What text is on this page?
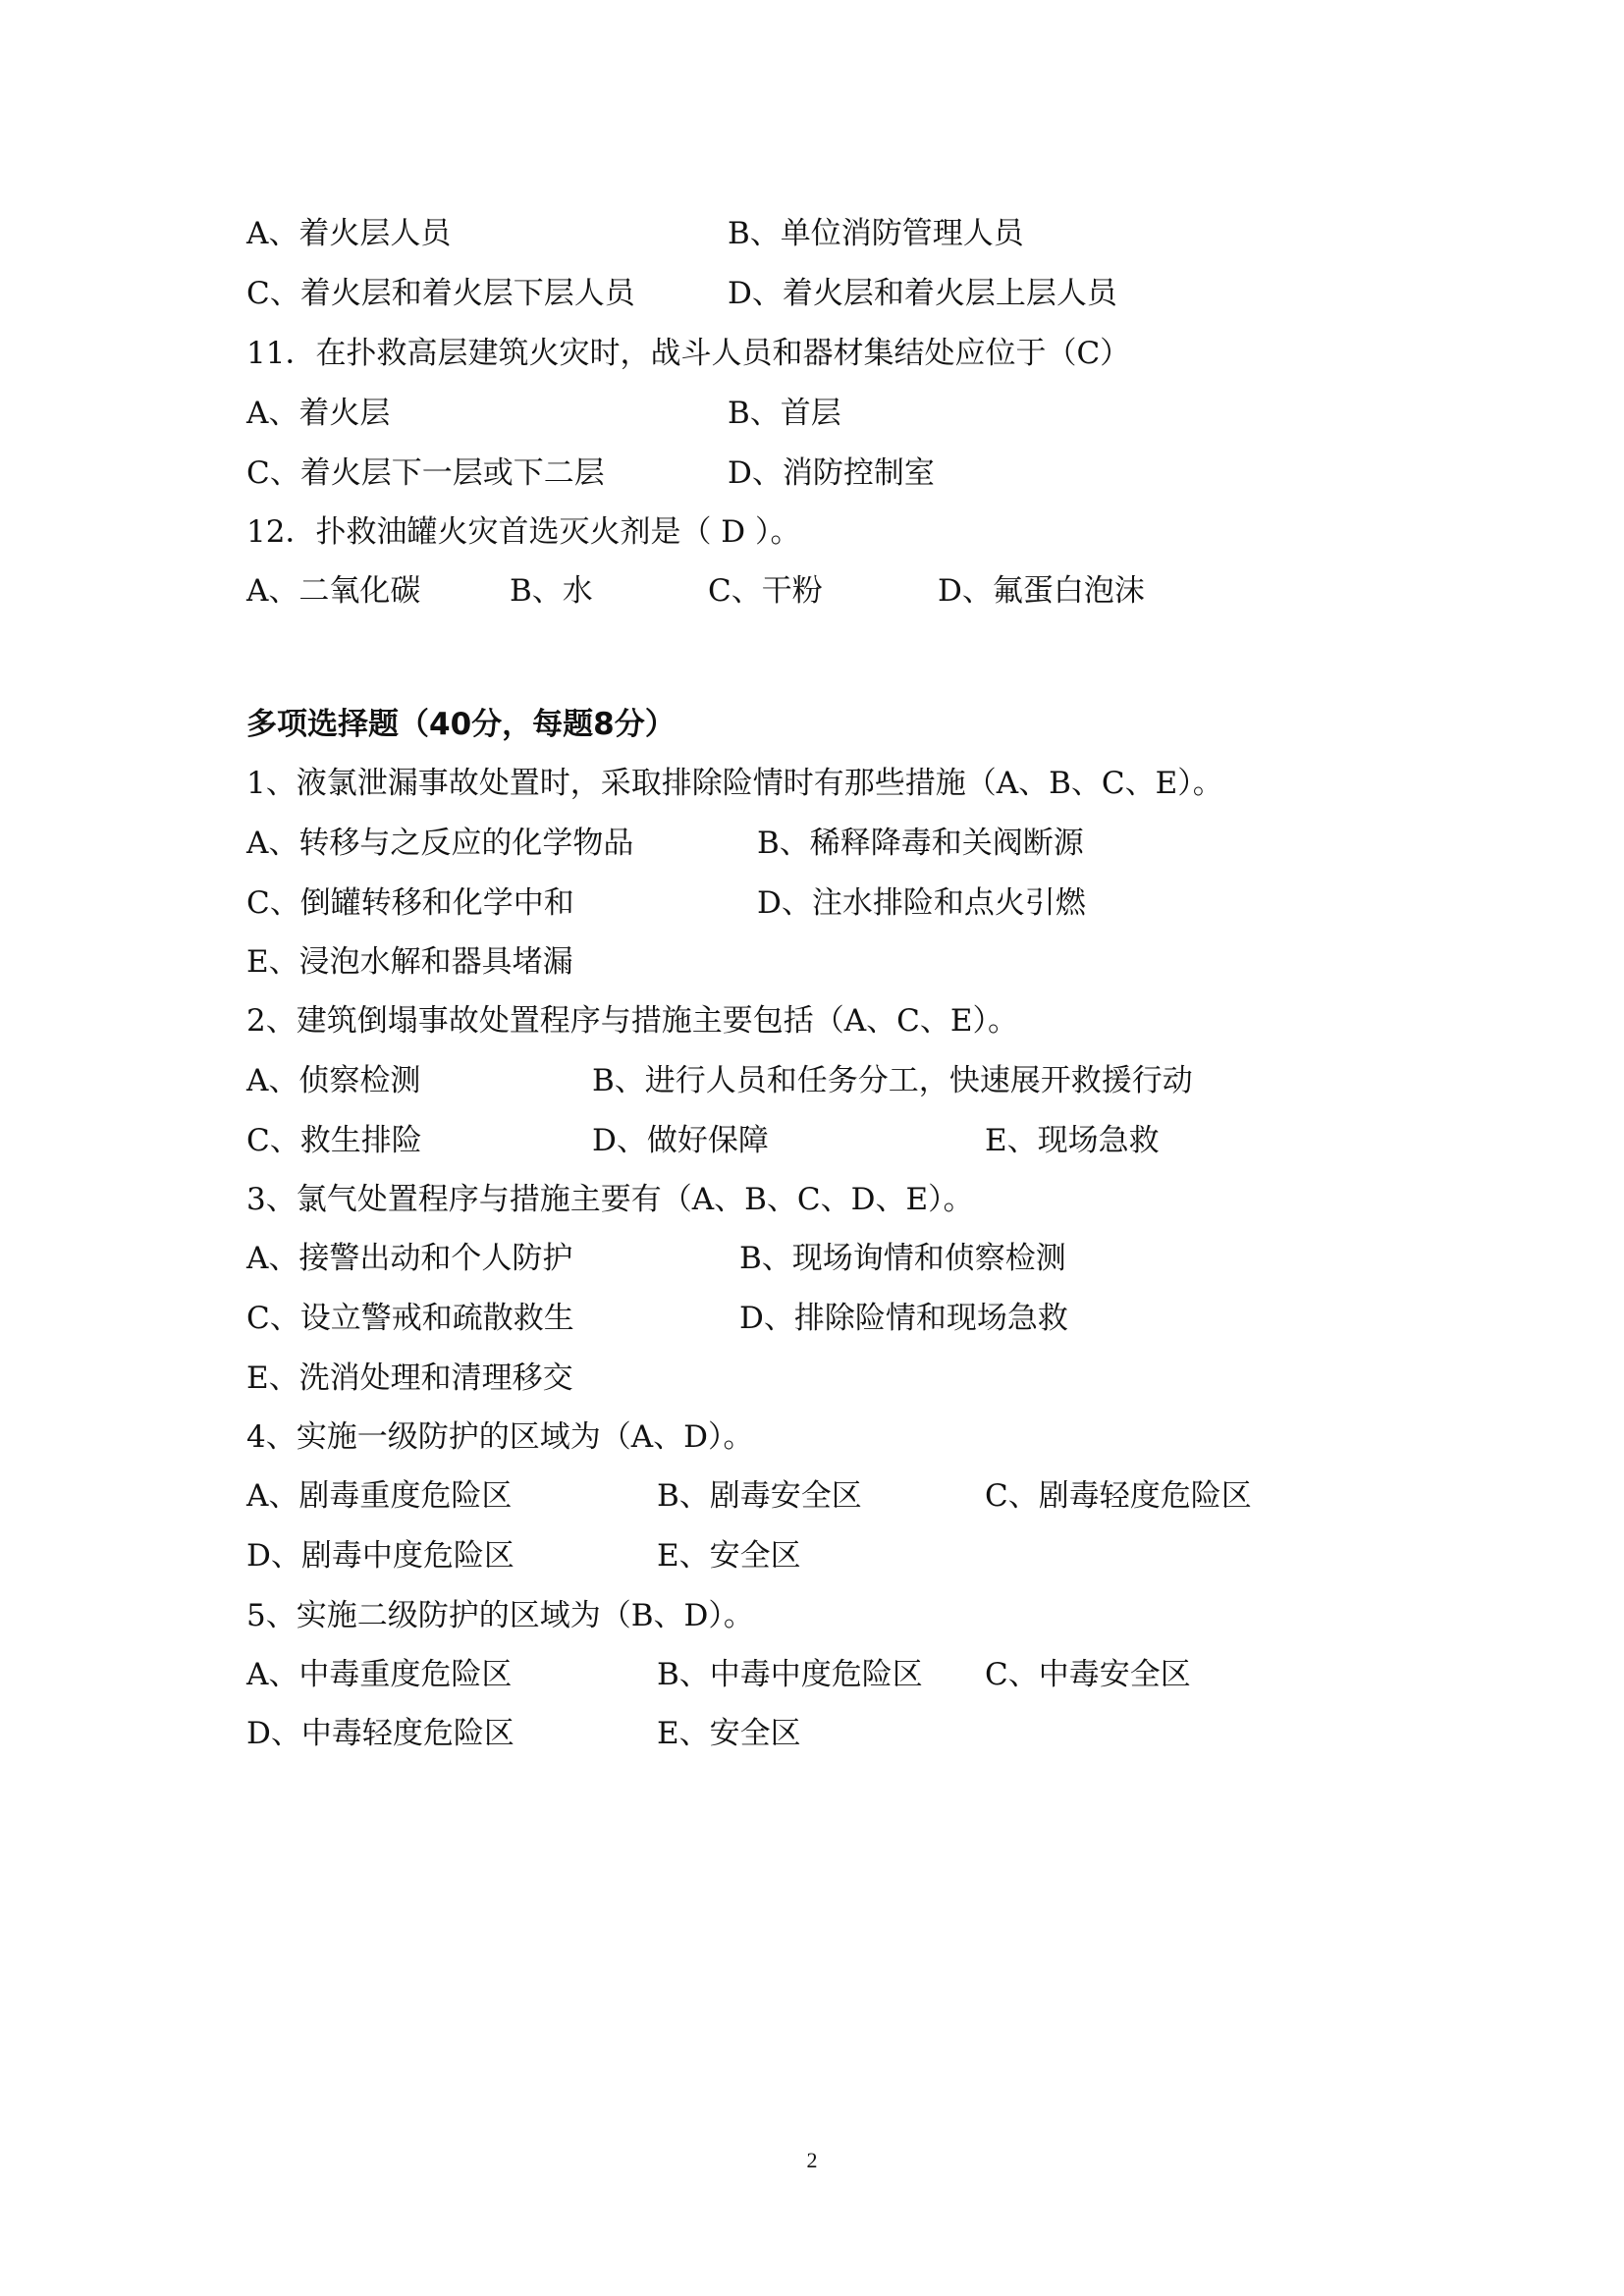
A、着火层人员	B、单位消防管理人员
C、着火层和着火层下层人员	D、着火层和着火层上层人员
11．在扑救高层建筑火灾时，战斗人员和器材集结处应位于（C）
A、着火层	B、首层
C、着火层下一层或下二层	D、消防控制室
12．扑救油罐火灾首选灭火剂是（ D ）。
A、二氧化碳	B、水	C、干粉	D、氟蛋白泡沫
多项选择题（40分，每题8分）
1、液氯泄漏事故处置时，采取排除险情时有那些措施（A、B、C、E）。
A、转移与之反应的化学物品	B、稀释降毒和关阀断源
C、倒罐转移和化学中和	D、注水排险和点火引燃
E、浸泡水解和器具堵漏
2、建筑倒塌事故处置程序与措施主要包括（A、C、E）。
A、侦察检测	B、进行人员和任务分工，快速展开救援行动
C、救生排险	D、做好保障	E、现场急救
3、氯气处置程序与措施主要有（A、B、C、D、E）。
A、接警出动和个人防护	B、现场询情和侦察检测
C、设立警戒和疏散救生	D、排除险情和现场急救
E、洗消处理和清理移交
4、实施一级防护的区域为（A、D）。
A、剧毒重度危险区	B、剧毒安全区	C、剧毒轻度危险区
D、剧毒中度危险区	E、安全区
5、实施二级防护的区域为（B、D）。
A、中毒重度危险区	B、中毒中度危险区 C、中毒安全区
D、中毒轻度危险区	E、安全区
2
